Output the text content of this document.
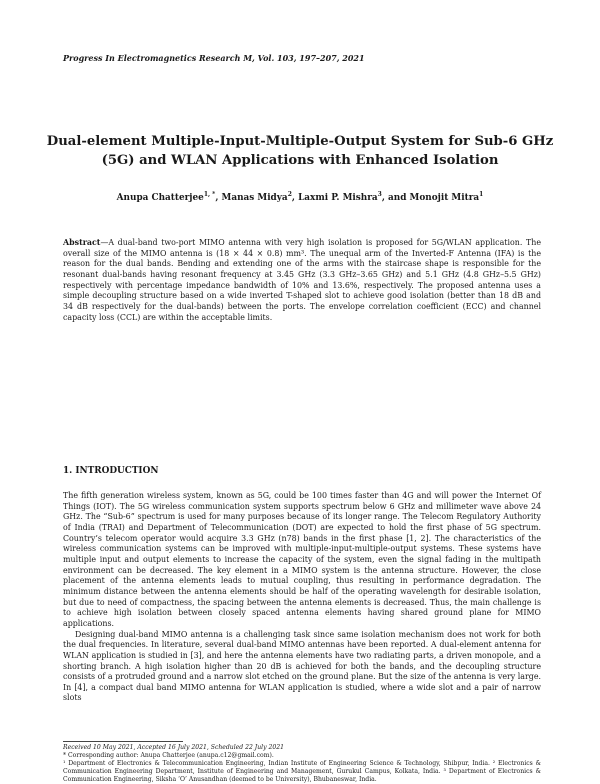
Progress In Electromagnetics Research M, Vol. 103, 197–207, 2021
Dual-element Multiple-Input-Multiple-Output System for Sub-6 GHz (5G) and WLAN Applications with Enhanced Isolation
Anupa Chatterjee$^{1, *}$, Manas Midya$^2$, Laxmi P. Mishra$^3$, and Monojit Mitra$^1$
Abstract—A dual-band two-port MIMO antenna with very high isolation is proposed for 5G/WLAN application. The overall size of the MIMO antenna is (18 × 44 × 0.8) mm³. The unequal arm of the Inverted-F Antenna (IFA) is the reason for the dual bands. Bending and extending one of the arms with the staircase shape is responsible for the resonant dual-bands having resonant frequency at 3.45 GHz (3.3 GHz–3.65 GHz) and 5.1 GHz (4.8 GHz–5.5 GHz) respectively with percentage impedance bandwidth of 10% and 13.6%, respectively. The proposed antenna uses a simple decoupling structure based on a wide inverted T-shaped slot to achieve good isolation (better than 18 dB and 34 dB respectively for the dual-bands) between the ports. The envelope correlation coefficient (ECC) and channel capacity loss (CCL) are within the acceptable limits.
1. INTRODUCTION

The fifth generation wireless system, known as 5G, could be 100 times faster than 4G and will power the Internet Of Things (IOT). The 5G wireless communication system supports spectrum below 6 GHz and millimeter wave above 24 GHz. The “Sub-6” spectrum is used for many purposes because of its longer range. The Telecom Regulatory Authority of India (TRAI) and Department of Telecommunication (DOT) are expected to hold the first phase of 5G spectrum. Country’s telecom operator would acquire 3.3 GHz (n78) bands in the first phase [1, 2]. The characteristics of the wireless communication systems can be improved with multiple-input-multiple-output systems. These systems have multiple input and output elements to increase the capacity of the system, even the signal fading in the multipath environment can be decreased. The key element in a MIMO system is the antenna structure. However, the close placement of the antenna elements leads to mutual coupling, thus resulting in performance degradation. The minimum distance between the antenna elements should be half of the operating wavelength for desirable isolation, but due to need of compactness, the spacing between the antenna elements is decreased. Thus, the main challenge is to achieve high isolation between closely spaced antenna elements having shared ground plane for MIMO applications.

Designing dual-band MIMO antenna is a challenging task since same isolation mechanism does not work for both the dual frequencies. In literature, several dual-band MIMO antennas have been reported. A dual-element antenna for WLAN application is studied in [3], and here the antenna elements have two radiating parts, a driven monopole, and a shorting branch. A high isolation higher than 20 dB is achieved for both the bands, and the decoupling structure consists of a protruded ground and a narrow slot etched on the ground plane. But the size of the antenna is very large. In [4], a compact dual band MIMO antenna for WLAN application is studied, where a wide slot and a pair of narrow slots

Received 10 May 2021, Accepted 16 July 2021, Scheduled 22 July 2021

* Corresponding author: Anupa Chatterjee (anupa.c12@gmail.com).

¹ Department of Electronics & Telecommunication Engineering, Indian Institute of Engineering Science & Technology, Shibpur, India. ² Electronics & Communication Engineering Department, Institute of Engineering and Management, Gurukul Campus, Kolkata, India. ³ Department of Electronics & Communication Engineering, Siksha ‘O’ Anusandhan (deemed to be University), Bhubaneswar, India.
